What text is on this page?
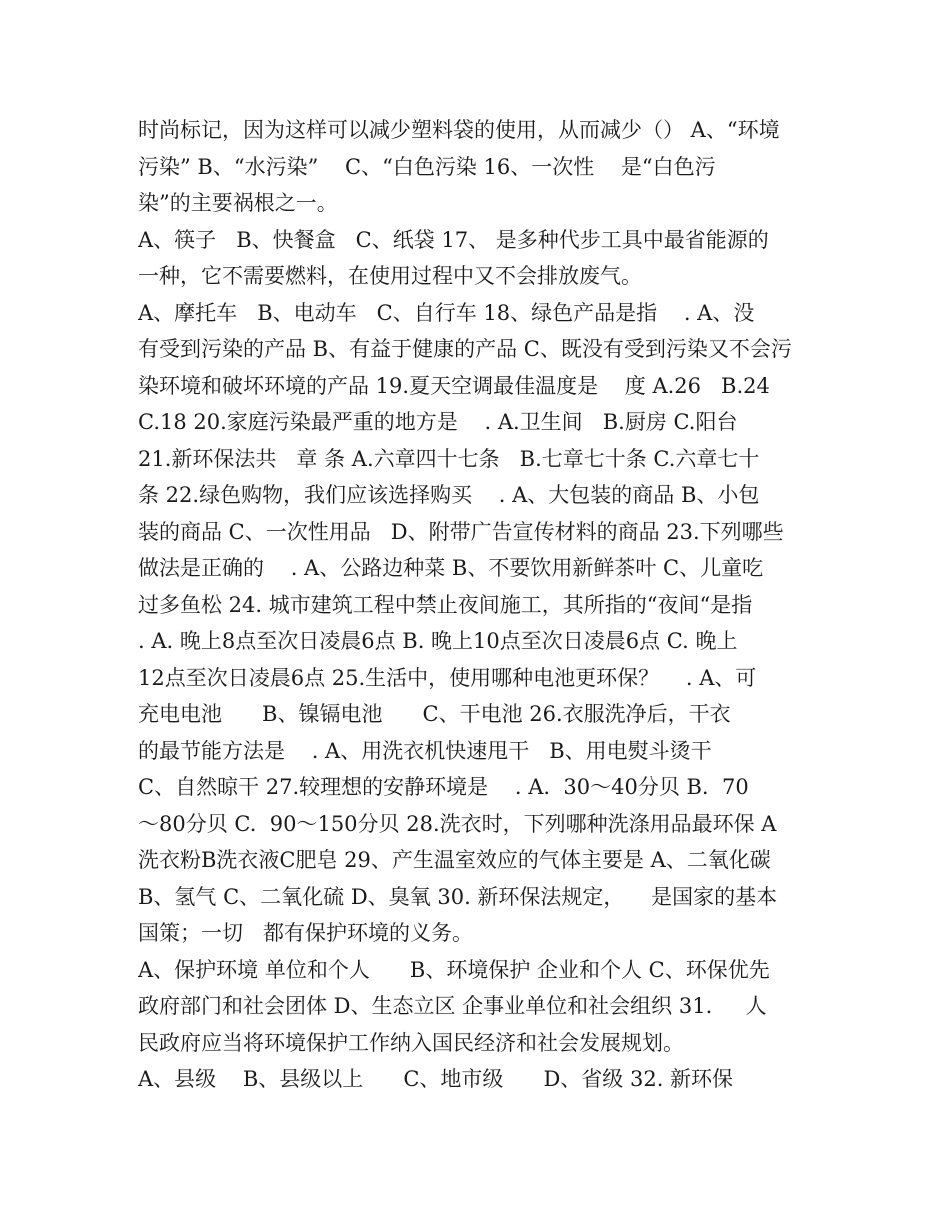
时尚标记，因为这样可以减少塑料袋的使用，从而减少（） A、“环境
污染” B、“水污染”    C、“白色污染 16、一次性    是“白色污
染”的主要祸根之一。
A、筷子   B、快餐盒   C、纸袋 17、 是多种代步工具中最省能源的
一种，它不需要燃料，在使用过程中又不会排放废气。
A、摩托车   B、电动车   C、自行车 18、绿色产品是指    . A、没
有受到污染的产品 B、有益于健康的产品 C、既没有受到污染又不会污
染环境和破坏环境的产品 19.夏天空调最佳温度是    度 A.26   B.24
C.18 20.家庭污染最严重的地方是    . A.卫生间   B.厨房 C.阳台
21.新环保法共   章 条 A.六章四十七条   B.七章七十条 C.六章七十
条 22.绿色购物，我们应该选择购买    . A、大包装的商品 B、小包
装的商品 C、一次性用品   D、附带广告宣传材料的商品 23.下列哪些
做法是正确的    . A、公路边种菜 B、不要饮用新鲜茶叶 C、儿童吃
过多鱼松 24. 城市建筑工程中禁止夜间施工，其所指的“夜间“是指
. A. 晚上8点至次日凌晨6点 B. 晚上10点至次日凌晨6点 C. 晚上
12点至次日凌晨6点 25.生活中，使用哪种电池更环保？    . A、可
充电电池      B、镍镉电池      C、干电池 26.衣服洗净后，干衣
的最节能方法是    . A、用洗衣机快速甩干   B、用电熨斗烫干
C、自然晾干 27.较理想的安静环境是    . A.  30～40分贝 B.  70
～80分贝 C.  90～150分贝 28.洗衣时，下列哪种洗涤用品最环保 A
洗衣粉B洗衣液C肥皂 29、产生温室效应的气体主要是 A、二氧化碳
B、氢气 C、二氧化硫 D、臭氧 30. 新环保法规定，    是国家的基本
国策；一切   都有保护环境的义务。
A、保护环境 单位和个人      B、环境保护 企业和个人 C、环保优先
政府部门和社会团体 D、生态立区 企事业单位和社会组织 31.     人
民政府应当将环境保护工作纳入国民经济和社会发展规划。
A、县级    B、县级以上      C、地市级      D、省级 32. 新环保
